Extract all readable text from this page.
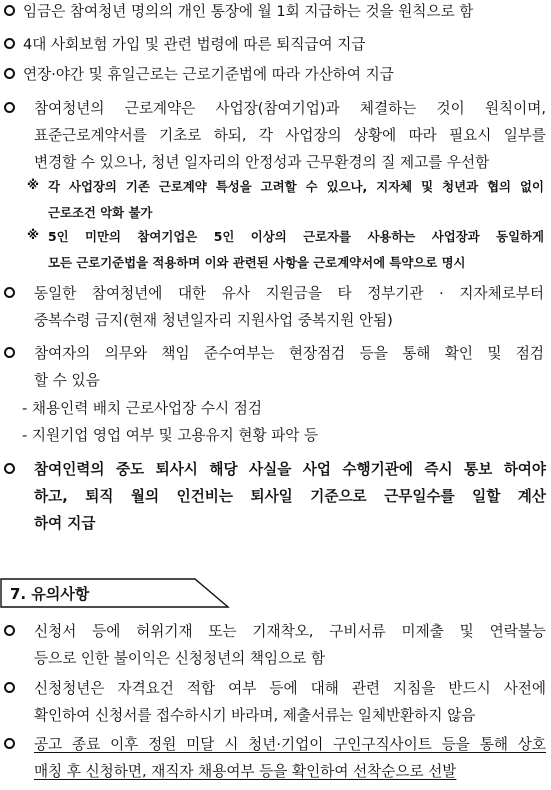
임금은 참여청년 명의의 개인 통장에 월 1회 지급하는 것을 원칙으로 함
4대 사회보험 가입 및 관련 법령에 따른 퇴직급여 지급
연장·야간 및 휴일근로는 근로기준법에 따라 가산하여 지급
참여청년의 근로계약은 사업장(참여기업)과 체결하는 것이 원칙이며,
표준근로계약서를 기초로 하되, 각 사업장의 상황에 따라 필요시 일부를
변경할 수 있으나, 청년 일자리의 안정성과 근무환경의 질 제고를 우선함
※ 각 사업장의 기존 근로계약 특성을 고려할 수 있으나, 지자체 및 청년과 협의 없이
근로조건 악화 불가
※ 5인 미만의 참여기업은 5인 이상의 근로자를 사용하는 사업장과 동일하게
모든 근로기준법을 적용하며 이와 관련된 사항을 근로계약서에 특약으로 명시
동일한 참여청년에 대한 유사 지원금을 타 정부기관 · 지자체로부터
중복수령 금지(현재 청년일자리 지원사업 중복지원 안됨)
참여자의 의무와 책임 준수여부는 현장점검 등을 통해 확인 및 점검
할 수 있음
- 채용인력 배치 근로사업장 수시 점검
- 지원기업 영업 여부 및 고용유지 현황 파악 등
참여인력의 중도 퇴사시 해당 사실을 사업 수행기관에 즉시 통보 하여야
하고, 퇴직 월의 인건비는 퇴사일 기준으로 근무일수를 일할 계산
하여 지급
7. 유의사항
신청서 등에 허위기재 또는 기재착오, 구비서류 미제출 및 연락불능
등으로 인한 불이익은 신청청년의 책임으로 함
신청청년은 자격요건 적합 여부 등에 대해 관련 지침을 반드시 사전에
확인하여 신청서를 접수하시기 바라며, 제출서류는 일체반환하지 않음
공고 종료 이후 정원 미달 시 청년·기업이 구인구직사이트 등을 통해 상호
매칭 후 신청하면, 재직자 채용여부 등을 확인하여 선착순으로 선발
